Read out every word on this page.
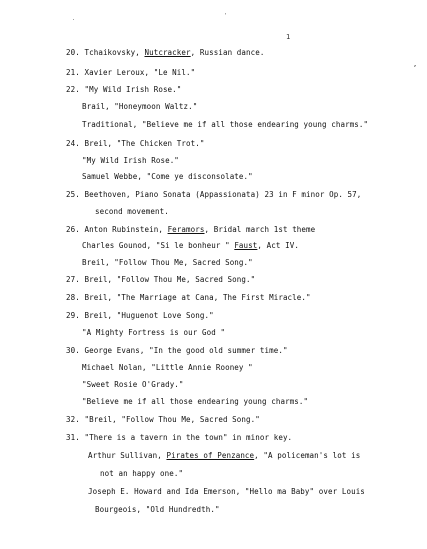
1
.	'
,
20. Tchaikovsky, Nutcracker, Russian dance.
21. Xavier Leroux, "Le Nil."
22. "My Wild Irish Rose."
Brail, "Honeymoon Waltz."
Traditional, "Believe me if all those endearing young charms."
24. Breil, "The Chicken Trot."
"My Wild Irish Rose."
Samuel Webbe, "Come ye disconsolate."
25. Beethoven, Piano Sonata (Appassionata) 23 in F minor Op. 57,
second movement.
26. Anton Rubinstein, Feramors, Bridal march 1st theme
Charles Gounod, "Si le bonheur " Faust, Act IV.
Breil, "Follow Thou Me, Sacred Song."
27. Breil, "Follow Thou Me, Sacred Song."
28. Breil, "The Marriage at Cana, The First Miracle."
29. Breil, "Huguenot Love Song."
"A Mighty Fortress is our God "
30. George Evans, "In the good old summer time."
Michael Nolan, "Little Annie Rooney "
"Sweet Rosie O'Grady."
"Believe me if all those endearing young charms."
32. "Breil, "Follow Thou Me, Sacred Song."
31. "There is a tavern in the town" in minor key.
Arthur Sullivan, Pirates of Penzance, "A policeman's lot is
not an happy one."
Joseph E. Howard and Ida Emerson, "Hello ma Baby" over Louis
Bourgeois, "Old Hundredth."
